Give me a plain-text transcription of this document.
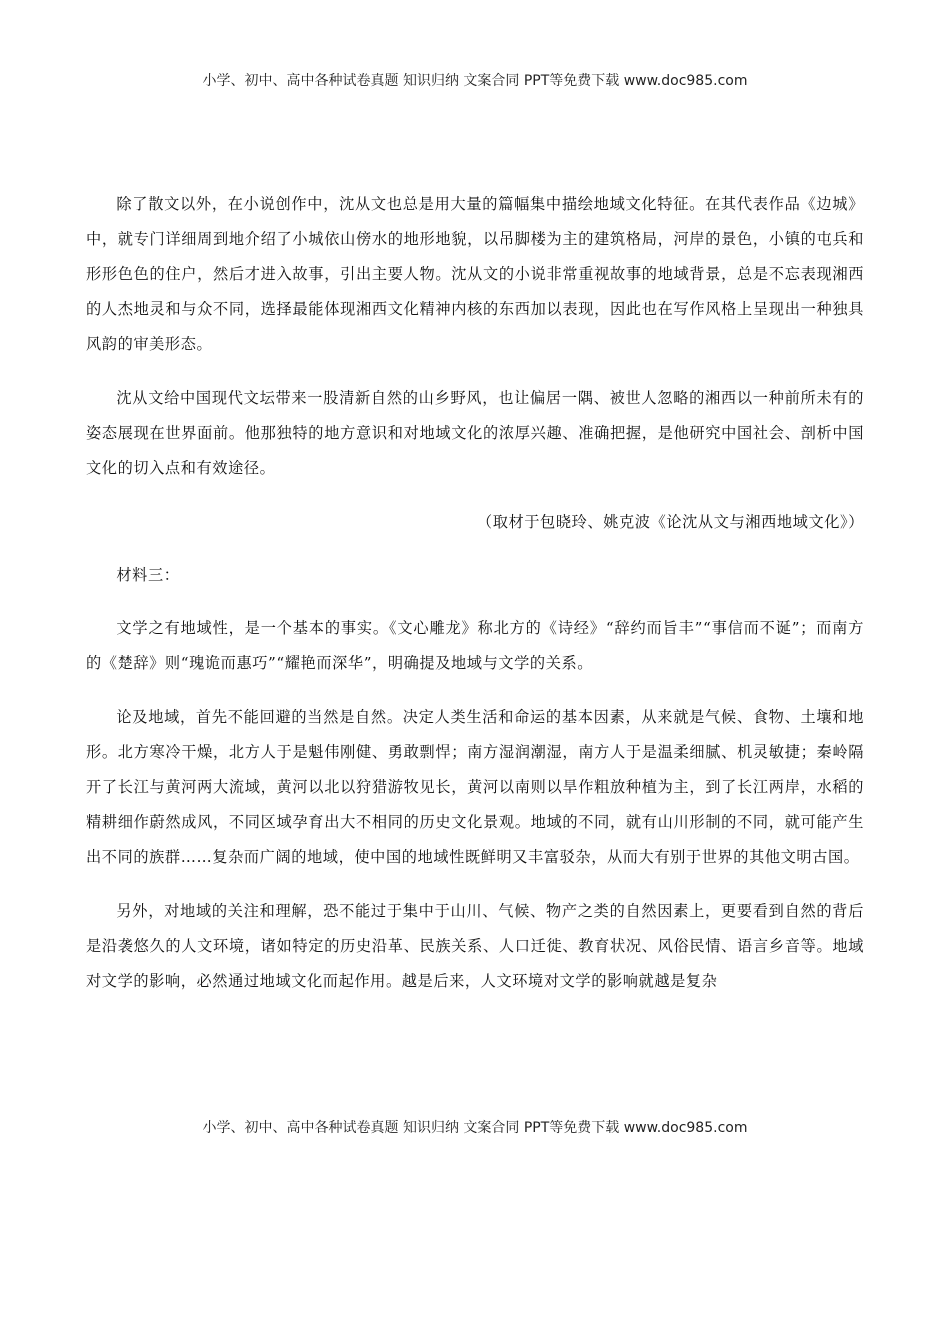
小学、初中、高中各种试卷真题 知识归纳 文案合同 PPT等免费下载 www.doc985.com

除了散文以外，在小说创作中，沈从文也总是用大量的篇幅集中描绘地域文化特征。在其代表作品《边城》中，就专门详细周到地介绍了小城依山傍水的地形地貌，以吊脚楼为主的建筑格局，河岸的景色，小镇的屯兵和形形色色的住户，然后才进入故事，引出主要人物。沈从文的小说非常重视故事的地域背景，总是不忘表现湘西的人杰地灵和与众不同，选择最能体现湘西文化精神内核的东西加以表现，因此也在写作风格上呈现出一种独具风韵的审美形态。

沈从文给中国现代文坛带来一股清新自然的山乡野风，也让偏居一隅、被世人忽略的湘西以一种前所未有的姿态展现在世界面前。他那独特的地方意识和对地域文化的浓厚兴趣、准确把握，是他研究中国社会、剖析中国文化的切入点和有效途径。

（取材于包晓玲、姚克波《论沈从文与湘西地域文化》）

材料三：

文学之有地域性，是一个基本的事实。《文心雕龙》称北方的《诗经》“辞约而旨丰”“事信而不诞”；而南方的《楚辞》则“瑰诡而惠巧”“耀艳而深华”，明确提及地域与文学的关系。

论及地域，首先不能回避的当然是自然。决定人类生活和命运的基本因素，从来就是气候、食物、土壤和地形。北方寒冷干燥，北方人于是魁伟刚健、勇敢剽悍；南方湿润潮湿，南方人于是温柔细腻、机灵敏捷；秦岭隔开了长江与黄河两大流域，黄河以北以狩猎游牧见长，黄河以南则以旱作粗放种植为主，到了长江两岸，水稻的精耕细作蔚然成风，不同区域孕育出大不相同的历史文化景观。地域的不同，就有山川形制的不同，就可能产生出不同的族群……复杂而广阔的地域，使中国的地域性既鲜明又丰富驳杂，从而大有别于世界的其他文明古国。

另外，对地域的关注和理解，恐不能过于集中于山川、气候、物产之类的自然因素上，更要看到自然的背后是沿袭悠久的人文环境，诸如特定的历史沿革、民族关系、人口迁徙、教育状况、风俗民情、语言乡音等。地域对文学的影响，必然通过地域文化而起作用。越是后来，人文环境对文学的影响就越是复杂

小学、初中、高中各种试卷真题 知识归纳 文案合同 PPT等免费下载 www.doc985.com
